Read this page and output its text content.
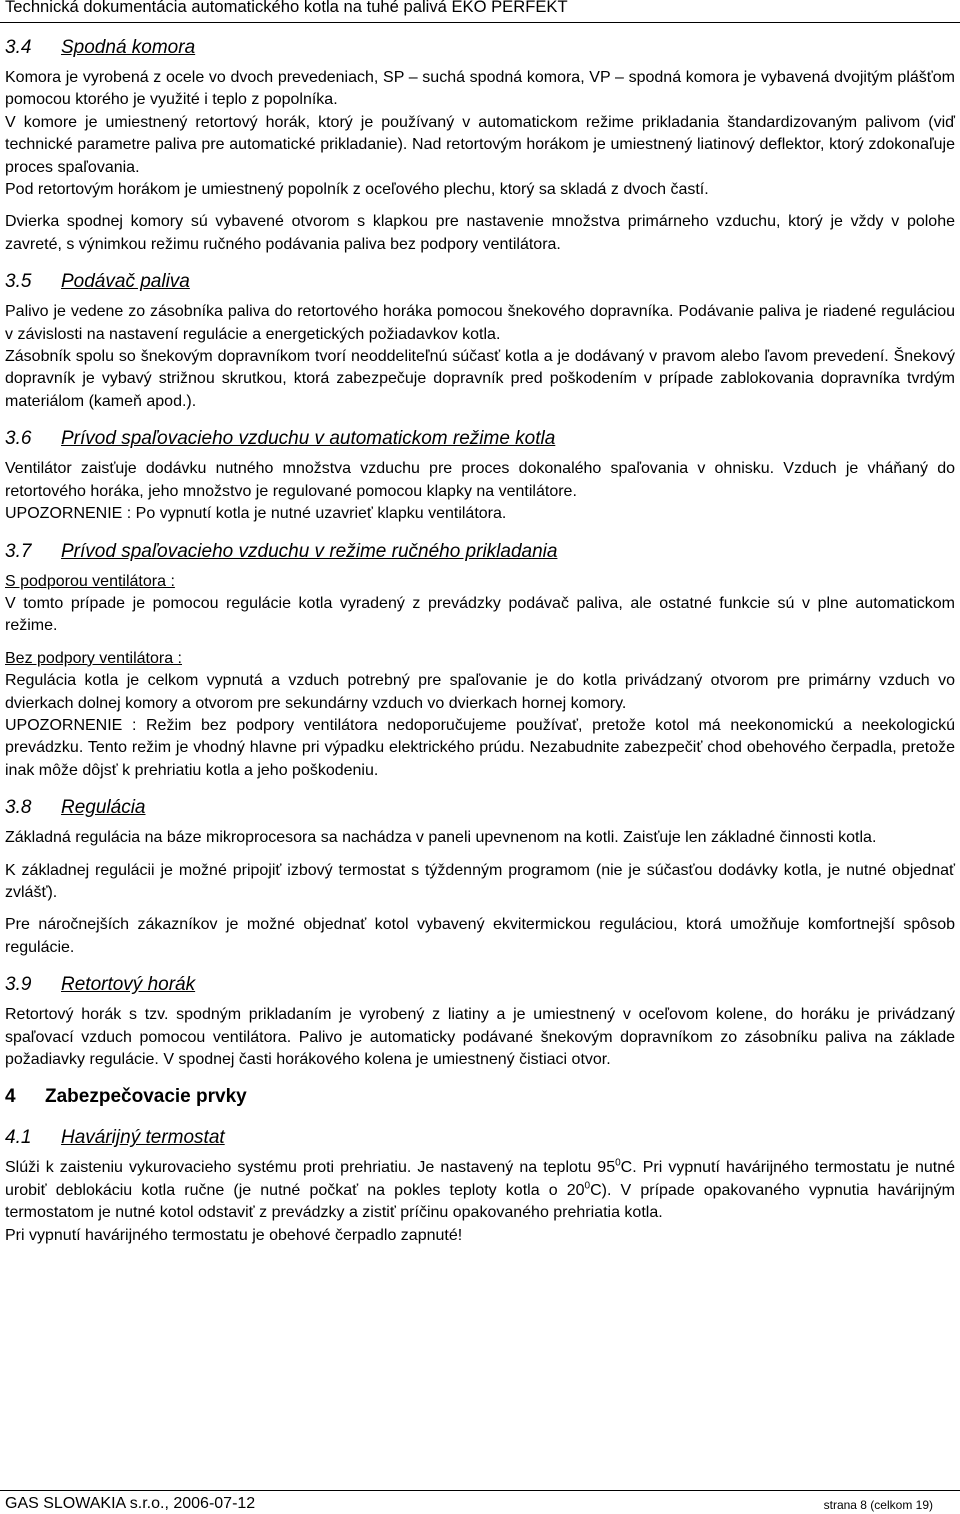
Technická dokumentácia automatického kotla na tuhé palivá EKO PERFEKT
3.4 Spodná komora

Komora je vyrobená z ocele vo dvoch prevedeniach, SP – suchá spodná komora, VP – spodná komora je vybavená dvojitým plášťom pomocou ktorého je využité i teplo z popolníka.

V komore je umiestnený retortový horák, ktorý je používaný v automatickom režime prikladania štandardizovaným palivom (viď technické parametre paliva pre automatické prikladanie). Nad retortovým horákom je umiestnený liatinový deflektor, ktorý zdokonaľuje proces spaľovania.

Pod retortovým horákom je umiestnený popolník z oceľového plechu, ktorý sa skladá z dvoch častí.

Dvierka spodnej komory sú vybavené otvorom s klapkou pre nastavenie množstva primárneho vzduchu, ktorý je vždy v polohe zavreté, s výnimkou režimu ručného podávania paliva bez podpory ventilátora.

3.5 Podávač paliva

Palivo je vedene zo zásobníka paliva do retortového horáka pomocou šnekového dopravníka. Podávanie paliva je riadené reguláciou v závislosti na nastavení regulácie a energetických požiadavkov kotla.

Zásobník spolu so šnekovým dopravníkom tvorí neoddeliteľnú súčasť kotla a je dodávaný v pravom alebo ľavom prevedení. Šnekový dopravník je vybavý strižnou skrutkou, ktorá zabezpečuje dopravník pred poškodením v prípade zablokovania dopravníka tvrdým materiálom (kameň apod.).

3.6 Prívod spaľovacieho vzduchu v automatickom režime kotla

Ventilátor zaisťuje dodávku nutného množstva vzduchu pre proces dokonalého spaľovania v ohnisku. Vzduch je vháňaný do retortového horáka, jeho množstvo je regulované pomocou klapky na ventilátore.

UPOZORNENIE : Po vypnutí kotla je nutné uzavrieť klapku ventilátora.

3.7 Prívod spaľovacieho vzduchu v režime ručného prikladania

S podporou ventilátora :

V tomto prípade je pomocou regulácie kotla vyradený z prevádzky podávač paliva, ale ostatné funkcie sú v plne automatickom režime.

Bez podpory ventilátora :

Regulácia kotla je celkom vypnutá a vzduch potrebný pre spaľovanie je do kotla privádzaný otvorom pre primárny vzduch vo dvierkach dolnej komory a otvorom pre sekundárny vzduch vo dvierkach hornej komory.

UPOZORNENIE : Režim bez podpory ventilátora nedoporučujeme používať, pretože kotol má neekonomickú a neekologickú prevádzku. Tento režim je vhodný hlavne pri výpadku elektrického prúdu. Nezabudnite zabezpečiť chod obehového čerpadla, pretože inak môže dôjsť k prehriatiu kotla a jeho poškodeniu.

3.8 Regulácia

Základná regulácia na báze mikroprocesora sa nachádza v paneli upevnenom na kotli. Zaisťuje len základné činnosti kotla.

K základnej regulácii je možné pripojiť izbový termostat s týždenným programom (nie je súčasťou dodávky kotla, je nutné objednať zvlášť).

Pre náročnejších zákazníkov je možné objednať kotol vybavený ekvitermickou reguláciou, ktorá umožňuje komfortnejší spôsob regulácie.

3.9 Retortový horák

Retortový horák s tzv. spodným prikladaním je vyrobený z liatiny a je umiestnený v oceľovom kolene, do horáku je privádzaný spaľovací vzduch pomocou ventilátora. Palivo je automaticky podávané šnekovým dopravníkom zo zásobníku paliva na základe požadiavky regulácie. V spodnej časti horákového kolena je umiestnený čistiaci otvor.

4 Zabezpečovacie prvky
4.1 Havárijný termostat

Slúži k zaisteniu vykurovacieho systému proti prehriatiu. Je nastavený na teplotu $95^0C$. Pri vypnutí havárijného termostatu je nutné urobiť deblokáciu kotla ručne (je nutné počkať na pokles teploty kotla o $20^0C$). V prípade opakovaného vypnutia havárijným termostatom je nutné kotol odstaviť z prevádzky a zistiť príčinu opakovaného prehriatia kotla.

Pri vypnutí havárijného termostatu je obehové čerpadlo zapnuté!

GAS SLOWAKIA s.r.o., 2006-07-12	strana 8 (celkom 19)
